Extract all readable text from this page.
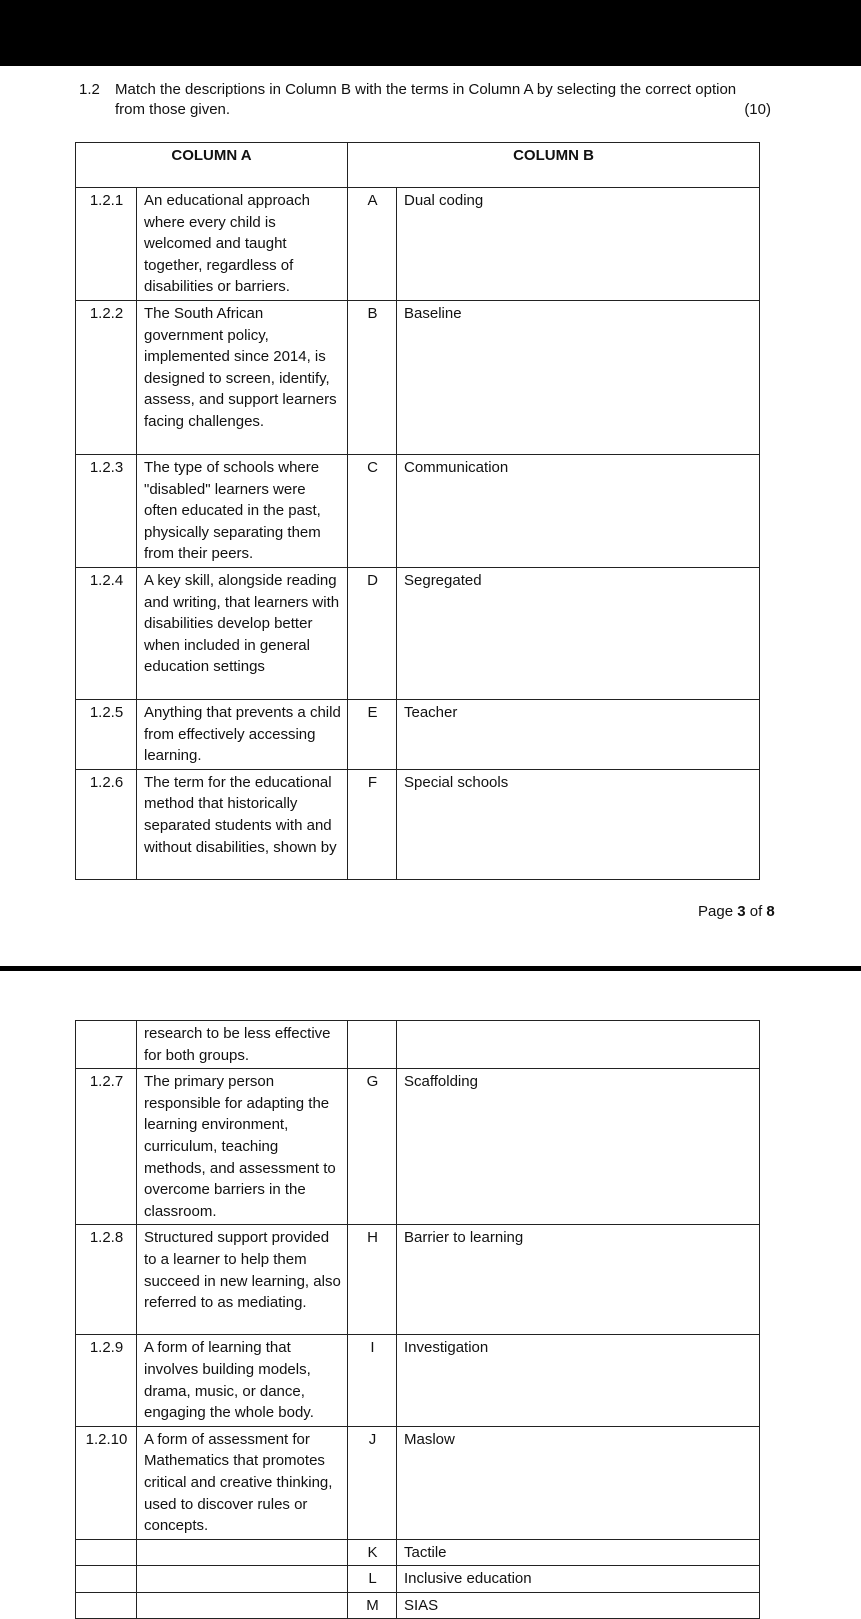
1.2 Match the descriptions in Column B with the terms in Column A by selecting the correct option from those given.	(10)
COLUMN A		COLUMN B	
1.2.1	An educational approach where every child is welcomed and taught together, regardless of disabilities or barriers.	A	Dual coding
1.2.2	The South African government policy, implemented since 2014, is designed to screen, identify, assess, and support learners facing challenges.	B	Baseline
1.2.3	The type of schools where "disabled" learners were often educated in the past, physically separating them from their peers.	C	Communication
1.2.4	A key skill, alongside reading and writing, that learners with disabilities develop better when included in general education settings	D	Segregated
1.2.5	Anything that prevents a child from effectively accessing learning.	E	Teacher
1.2.6	The term for the educational method that historically separated students with and without disabilities, shown by	F	Special schools
Page 3 of 8
	research to be less effective for both groups.		
1.2.7	The primary person responsible for adapting the learning environment, curriculum, teaching methods, and assessment to overcome barriers in the classroom.	G	Scaffolding
1.2.8	Structured support provided to a learner to help them succeed in new learning, also referred to as mediating.	H	Barrier to learning
1.2.9	A form of learning that involves building models, drama, music, or dance, engaging the whole body.	I	Investigation
1.2.10	A form of assessment for Mathematics that promotes critical and creative thinking, used to discover rules or concepts.	J	Maslow
		K	Tactile
		L	Inclusive education
		M	SIAS
